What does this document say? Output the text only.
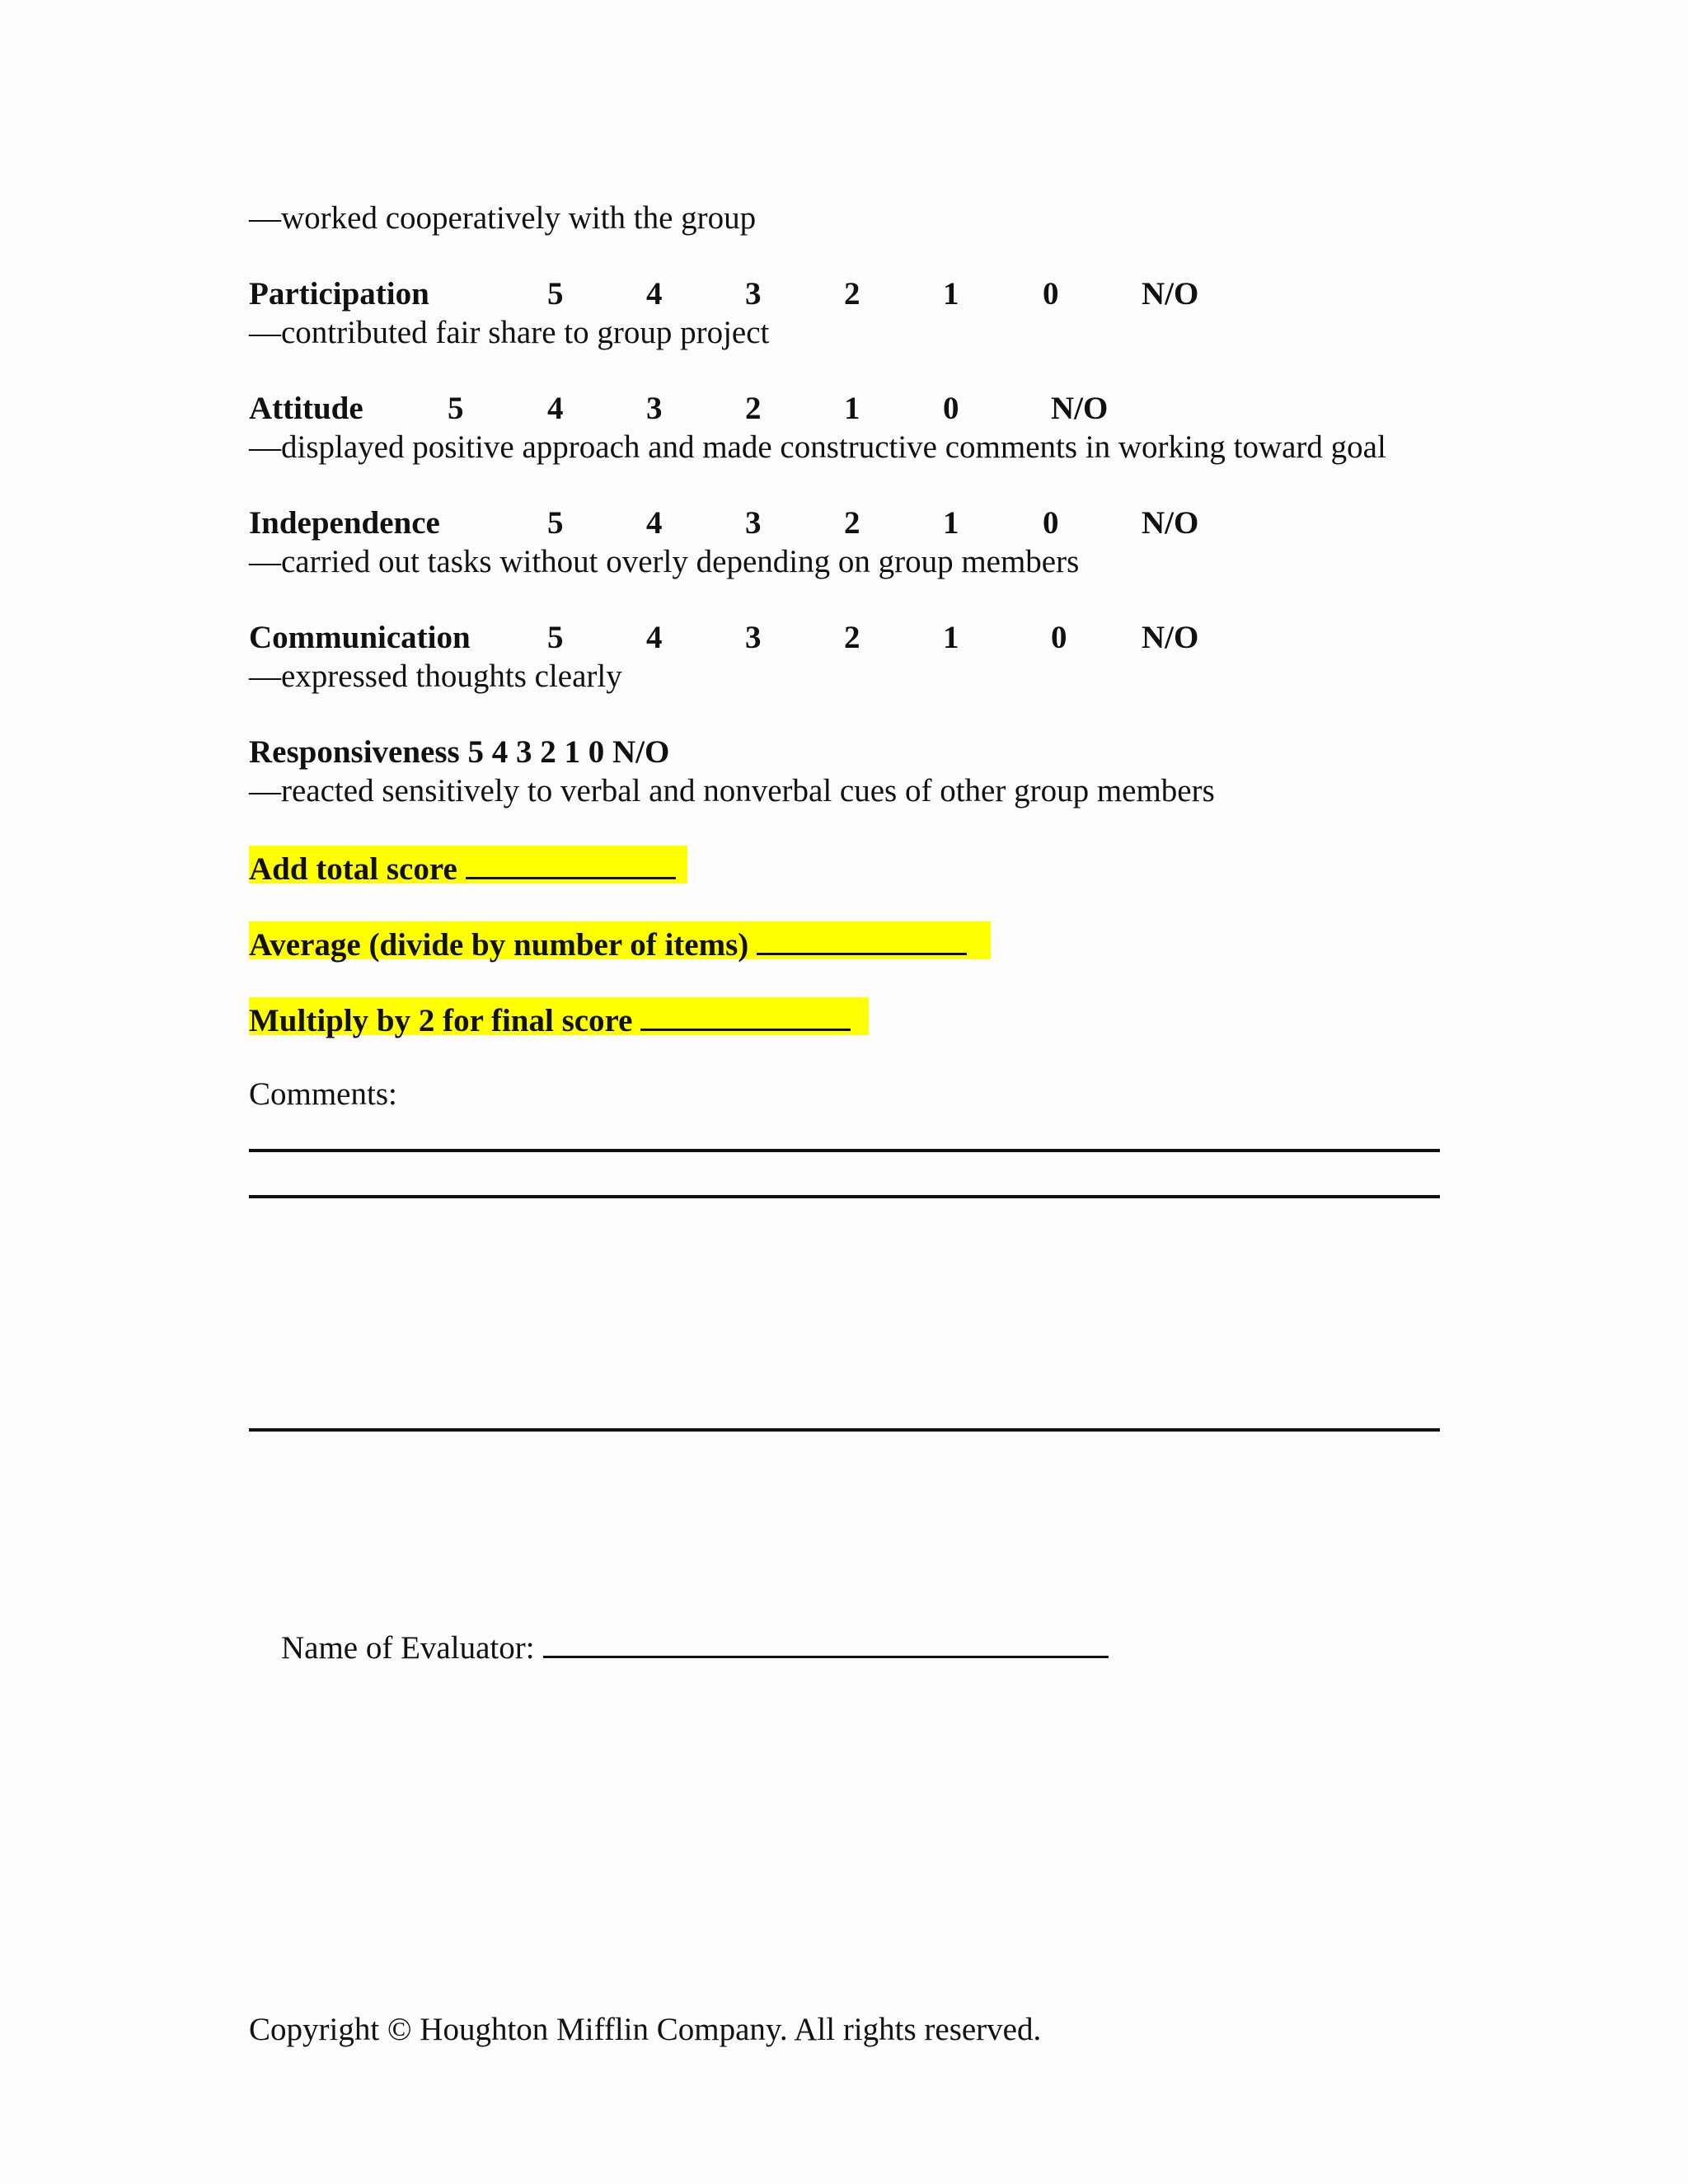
—worked cooperatively with the group
Participation	5	4	3	2	1	0	N/O
—contributed fair share to group project
Attitude	5	4	3	2	1	0	N/O
—displayed positive approach and made constructive comments in working toward goal
Independence	5	4	3	2	1	0	N/O
—carried out tasks without overly depending on group members
Communication 5	4	3	2	1	0 N/O
—expressed thoughts clearly
Responsiveness 5 4 3 2 1 0 N/O
—reacted sensitively to verbal and nonverbal cues of other group members
Add total score
Average (divide by number of items)
Multiply by 2 for final score
Comments:

Name of Evaluator:

Copyright © Houghton Mifflin Company. All rights reserved.
